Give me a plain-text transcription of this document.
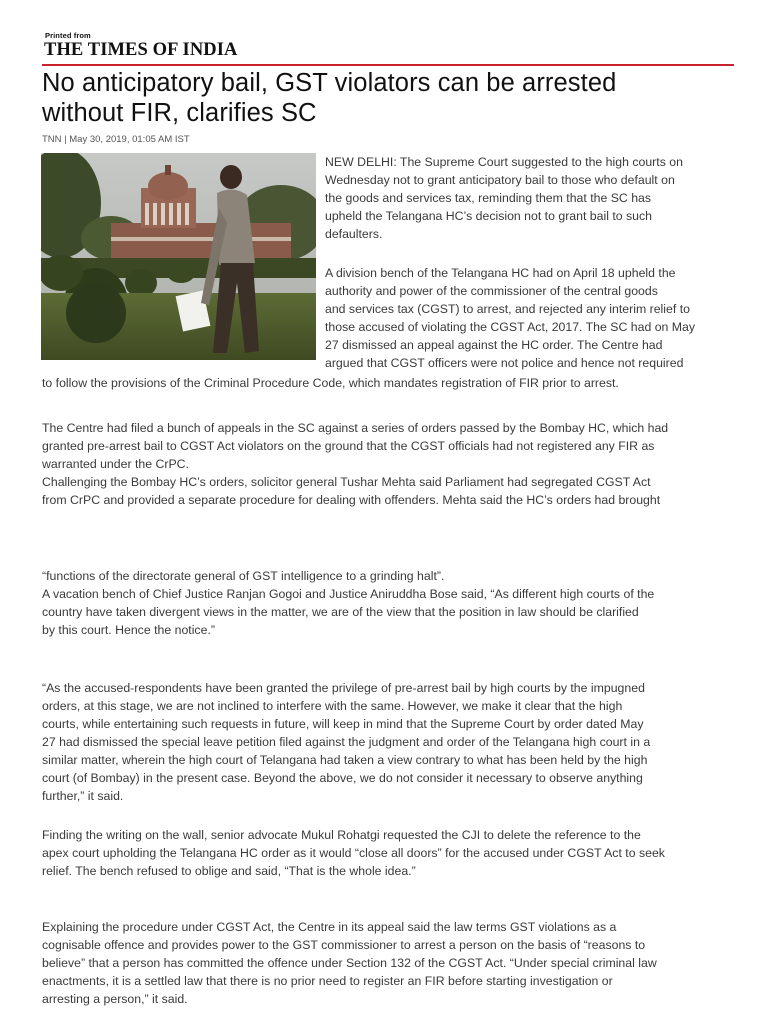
Printed from
THE TIMES OF INDIA
No anticipatory bail, GST violators can be arrested
without FIR, clarifies SC
TNN | May 30, 2019, 01:05 AM IST

NEW DELHI: The Supreme Court suggested to the high courts on
Wednesday not to grant anticipatory bail to those who default on
the goods and services tax, reminding them that the SC has
upheld the Telangana HC’s decision not to grant bail to such
defaulters.

A division bench of the Telangana HC had on April 18 upheld the
authority and power of the commissioner of the central goods
and services tax (CGST) to arrest, and rejected any interim relief to
those accused of violating the CGST Act, 2017. The SC had on May
27 dismissed an appeal against the HC order. The Centre had
argued that CGST officers were not police and hence not required

to follow the provisions of the Criminal Procedure Code, which mandates registration of FIR prior to arrest.

The Centre had filed a bunch of appeals in the SC against a series of orders passed by the Bombay HC, which had
granted pre-arrest bail to CGST Act violators on the ground that the CGST officials had not registered any FIR as
warranted under the CrPC.
Challenging the Bombay HC’s orders, solicitor general Tushar Mehta said Parliament had segregated CGST Act
from CrPC and provided a separate procedure for dealing with offenders. Mehta said the HC’s orders had brought

“functions of the directorate general of GST intelligence to a grinding halt”.
A vacation bench of Chief Justice Ranjan Gogoi and Justice Aniruddha Bose said, “As different high courts of the
country have taken divergent views in the matter, we are of the view that the position in law should be clarified
by this court. Hence the notice.”

“As the accused-respondents have been granted the privilege of pre-arrest bail by high courts by the impugned
orders, at this stage, we are not inclined to interfere with the same. However, we make it clear that the high
courts, while entertaining such requests in future, will keep in mind that the Supreme Court by order dated May
27 had dismissed the special leave petition filed against the judgment and order of the Telangana high court in a
similar matter, wherein the high court of Telangana had taken a view contrary to what has been held by the high
court (of Bombay) in the present case. Beyond the above, we do not consider it necessary to observe anything
further,” it said.

Finding the writing on the wall, senior advocate Mukul Rohatgi requested the CJI to delete the reference to the
apex court upholding the Telangana HC order as it would “close all doors” for the accused under CGST Act to seek
relief. The bench refused to oblige and said, “That is the whole idea.”

Explaining the procedure under CGST Act, the Centre in its appeal said the law terms GST violations as a
cognisable offence and provides power to the GST commissioner to arrest a person on the basis of “reasons to
believe” that a person has committed the offence under Section 132 of the CGST Act. “Under special criminal law
enactments, it is a settled law that there is no prior need to register an FIR before starting investigation or
arresting a person,” it said.
